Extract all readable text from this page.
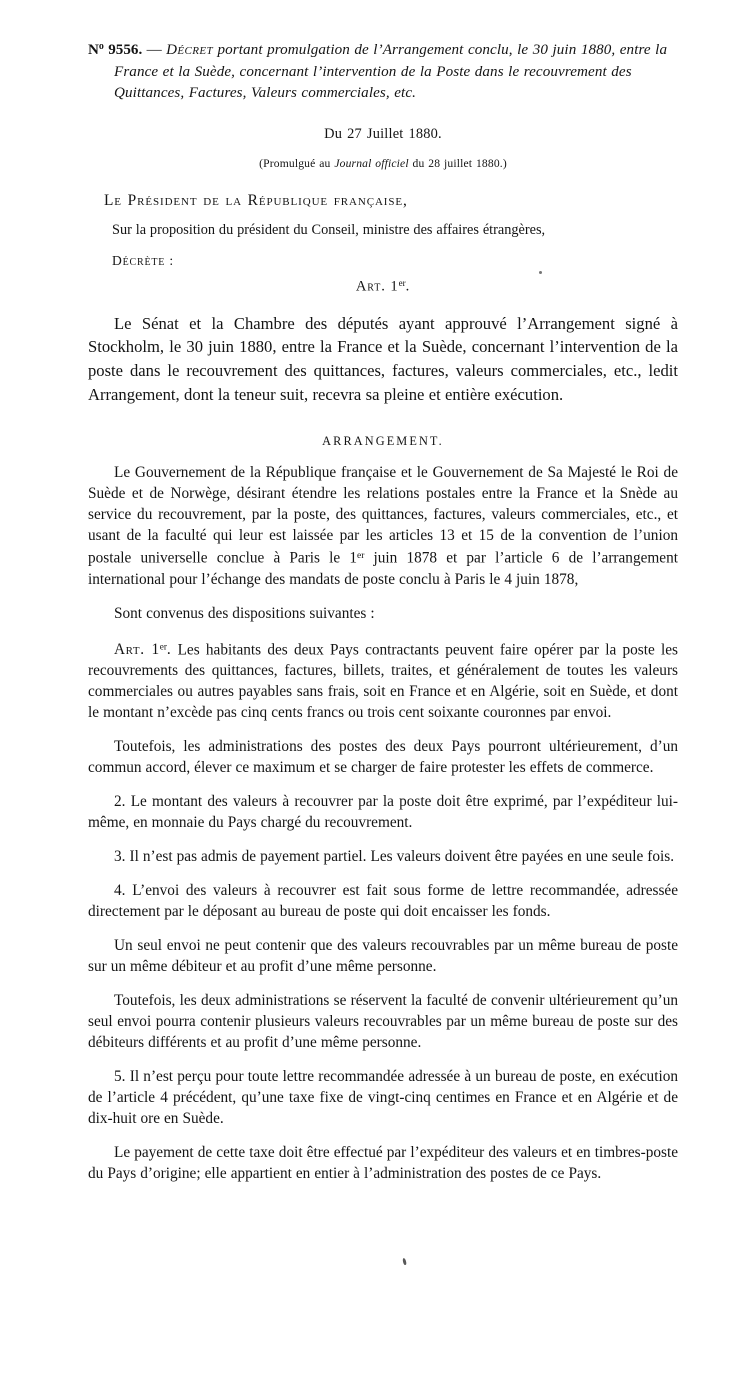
$N^o$ 9556. — Décret portant promulgation de l’Arrangement conclu, le 30 juin 1880, entre la France et la Suède, concernant l’intervention de la Poste dans le recouvrement des Quittances, Factures, Valeurs commerciales, etc.

Du 27 Juillet 1880.

(Promulgué au Journal officiel du 28 juillet 1880.)

Le Président de la République française,

Sur la proposition du président du Conseil, ministre des affaires étrangères,

Décrète :

Art. 1er.

Le Sénat et la Chambre des députés ayant approuvé l’Arrangement signé à Stockholm, le 30 juin 1880, entre la France et la Suède, concernant l’intervention de la poste dans le recouvrement des quittances, factures, valeurs commerciales, etc., ledit Arrangement, dont la teneur suit, recevra sa pleine et entière exécution.

ARRANGEMENT.

Le Gouvernement de la République française et le Gouvernement de Sa Majesté le Roi de Suède et de Norwège, désirant étendre les relations postales entre la France et la Snède au service du recouvrement, par la poste, des quittances, factures, valeurs commerciales, etc., et usant de la faculté qui leur est laissée par les articles 13 et 15 de la convention de l’union postale universelle conclue à Paris le 1er juin 1878 et par l’article 6 de l’arrangement international pour l’échange des mandats de poste conclu à Paris le 4 juin 1878,

Sont convenus des dispositions suivantes :

Art. 1er. Les habitants des deux Pays contractants peuvent faire opérer par la poste les recouvrements des quittances, factures, billets, traites, et généralement de toutes les valeurs commerciales ou autres payables sans frais, soit en France et en Algérie, soit en Suède, et dont le montant n’excède pas cinq cents francs ou trois cent soixante couronnes par envoi.

Toutefois, les administrations des postes des deux Pays pourront ultérieurement, d’un commun accord, élever ce maximum et se charger de faire protester les effets de commerce.

2. Le montant des valeurs à recouvrer par la poste doit être exprimé, par l’expéditeur lui-même, en monnaie du Pays chargé du recouvrement.

3. Il n’est pas admis de payement partiel. Les valeurs doivent être payées en une seule fois.

4. L’envoi des valeurs à recouvrer est fait sous forme de lettre recommandée, adressée directement par le déposant au bureau de poste qui doit encaisser les fonds.

Un seul envoi ne peut contenir que des valeurs recouvrables par un même bureau de poste sur un même débiteur et au profit d’une même personne.

Toutefois, les deux administrations se réservent la faculté de convenir ultérieurement qu’un seul envoi pourra contenir plusieurs valeurs recouvrables par un même bureau de poste sur des débiteurs différents et au profit d’une même personne.

5. Il n’est perçu pour toute lettre recommandée adressée à un bureau de poste, en exécution de l’article 4 précédent, qu’une taxe fixe de vingt-cinq centimes en France et en Algérie et de dix-huit ore en Suède.

Le payement de cette taxe doit être effectué par l’expéditeur des valeurs et en timbres-poste du Pays d’origine; elle appartient en entier à l’administration des postes de ce Pays.
